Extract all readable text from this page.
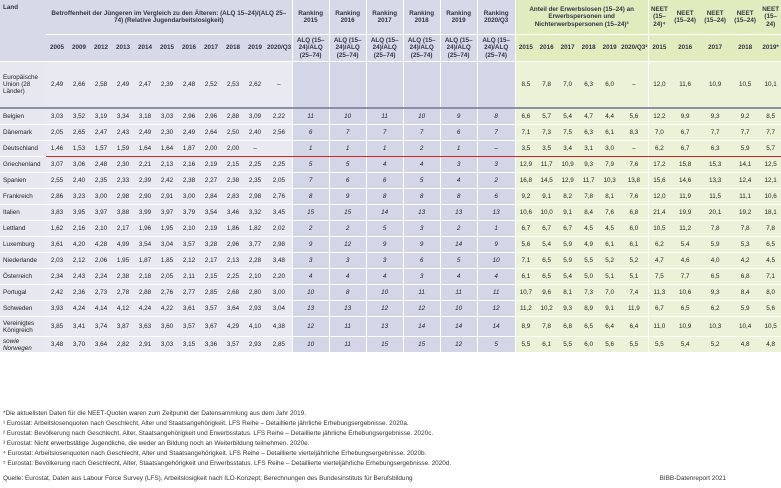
Land	Betroffenheit der Jüngeren im Vergleich zu den Älteren: (ALQ 15–24)/(ALQ 25–74) (Relative Jugendarbeitslosigkeit)											Ranking 2015	Ranking 2016	Ranking 2017	Ranking 2018	Ranking 2019	Ranking 2020/Q3	Anteil der Erwerbslosen (15–24) an Erwerbspersonen und Nichterwerbspersonen (15–24)³						NEET (15–24)⁴	NEET (15–24)	NEET (15–24)	NEET (15–24)	NEET (15–24)
	2005	2009	2012	2013	2014	2015	2016	2017	2018	2019	2020/Q3	ALQ (15–24)/ALQ (25–74)	ALQ (15–24)/ALQ (25–74)	ALQ (15–24)/ALQ (25–74)	ALQ (15–24)/ALQ (25–74)	ALQ (15–24)/ALQ (25–74)	ALQ (15–24)/ALQ (25–74)	2015	2016	2017	2018	2019	2020/Q3²	2015	2016	2017	2018	2019*
Europäische Union (28 Länder)	2,49	2,66	2,58	2,49	2,47	2,39	2,48	2,52	2,53	2,62	–							8,5	7,8	7,0	6,3	6,0	–	12,0	11,6	10,9	10,5	10,1
Belgien	3,03	3,52	3,19	3,34	3,18	3,03	2,96	2,96	2,88	3,09	2,22	11	10	11	10	9	8	6,6	5,7	5,4	4,7	4,4	5,6	12,2	9,9	9,3	9,2	8,5
Dänemark	2,05	2,65	2,47	2,43	2,49	2,30	2,49	2,64	2,50	2,40	2,56	6	7	7	7	6	7	7,1	7,3	7,5	6,3	6,1	8,3	7,0	6,7	7,7	7,7	7,7
Deutschland	1,46	1,53	1,57	1,59	1,64	1,64	1,87	2,00	2,00	–		1	1	1	2	1	–	3,5	3,5	3,4	3,1	3,0	–	6,2	6,7	6,3	5,9	5,7
Griechenland	3,07	3,06	2,48	2,30	2,21	2,13	2,16	2,19	2,15	2,25	2,25	5	5	4	4	3	3	12,9	11,7	10,9	9,3	7,9	7,6	17,2	15,8	15,3	14,1	12,5
Spanien	2,55	2,40	2,35	2,33	2,39	2,42	2,38	2,27	2,38	2,35	2,05	7	6	6	5	4	2	16,8	14,5	12,9	11,7	10,3	13,8	15,6	14,6	13,3	12,4	12,1
Frankreich	2,86	3,23	3,00	2,98	2,90	2,91	3,00	2,84	2,83	2,98	2,76	8	9	8	8	8	6	9,2	9,1	8,2	7,8	8,1	7,6	12,0	11,9	11,5	11,1	10,6
Italien	3,83	3,95	3,97	3,88	3,99	3,97	3,79	3,54	3,46	3,32	3,45	15	15	14	13	13	13	10,6	10,0	9,1	8,4	7,6	6,8	21,4	19,9	20,1	19,2	18,1
Lettland	1,62	2,16	2,10	2,17	1,96	1,95	2,10	2,19	1,86	1,82	2,02	2	2	5	3	2	1	6,7	6,7	6,7	4,5	4,5	6,0	10,5	11,2	7,8	7,8	7,8
Luxemburg	3,61	4,20	4,28	4,99	3,54	3,04	3,57	3,28	2,96	3,77	2,98	9	12	9	9	14	9	5,6	5,4	5,9	4,9	6,1	6,1	6,2	5,4	5,9	5,3	6,5
Niederlande	2,03	2,12	2,06	1,95	1,87	1,85	2,12	2,17	2,13	2,28	3,48	3	3	3	6	5	10	7,1	6,5	5,9	5,5	5,2	5,2	4,7	4,6	4,0	4,2	4,5
Österreich	2,34	2,43	2,24	2,38	2,18	2,05	2,11	2,15	2,25	2,10	2,20	4	4	4	3	4	4	6,1	6,5	5,4	5,0	5,1	5,1	7,5	7,7	6,5	6,8	7,1
Portugal	2,42	2,36	2,73	2,78	2,88	2,76	2,77	2,85	2,68	2,80	3,00	10	8	10	11	11	11	10,7	9,6	8,1	7,3	7,0	7,4	11,3	10,6	9,3	8,4	8,0
Schweden	3,93	4,24	4,14	4,12	4,24	4,22	3,61	3,57	3,64	2,93	3,04	13	13	12	12	10	12	11,2	10,2	9,3	8,9	9,1	11,9	6,7	6,5	6,2	5,9	5,6
Vereinigtes Königreich	3,85	3,41	3,74	3,87	3,63	3,60	3,57	3,67	4,29	4,10	4,38	12	11	13	14	14	14	8,9	7,8	6,8	6,5	6,4	6,4	11,0	10,9	10,3	10,4	10,5
sowie Norwegen	3,48	3,70	3,64	2,82	2,91	3,03	3,15	3,36	3,57	2,93	2,85	10	11	15	15	12	5	5,5	6,1	5,5	6,0	5,6	5,5	5,5	5,4	5,2	4,8	4,8
*Die aktuellsten Daten für die NEET-Quoten waren zum Zeitpunkt der Datensammlung aus dem Jahr 2019.
¹ Eurostat: Arbeitslosenquoten nach Geschlecht, Alter und Staatsangehörigkeit. LFS Reihe – Detaillierte jährliche Erhebungsergebnisse. 2020a.
² Eurostat: Bevölkerung nach Geschlecht, Alter, Staatsangehörigkeit und Erwerbsstatus. LFS Reihe – Detaillierte jährliche Erhebungsergebnisse. 2020c.
³ Eurostat: Nicht erwerbstätige Jugendliche, die weder an Bildung noch an Weiterbildung teilnehmen. 2020e.
⁴ Eurostat: Arbeitslosenquoten nach Geschlecht, Alter und Staatsangehörigkeit. LFS Reihe – Detaillierte vierteljährliche Erhebungsergebnisse. 2020b.
⁵ Eurostat: Bevölkerung nach Geschlecht, Alter, Staatsangehörigkeit und Erwerbsstatus. LFS Reihe – Detaillierte vierteljährliche Erhebungsergebnisse. 2020d.
Quelle: Eurostat, Daten aus Labour Force Survey (LFS), Arbeitslosigkeit nach ILO-Konzept; Berechnungen des Bundesinstituts für Berufsbildung	BIBB-Datenreport 2021
